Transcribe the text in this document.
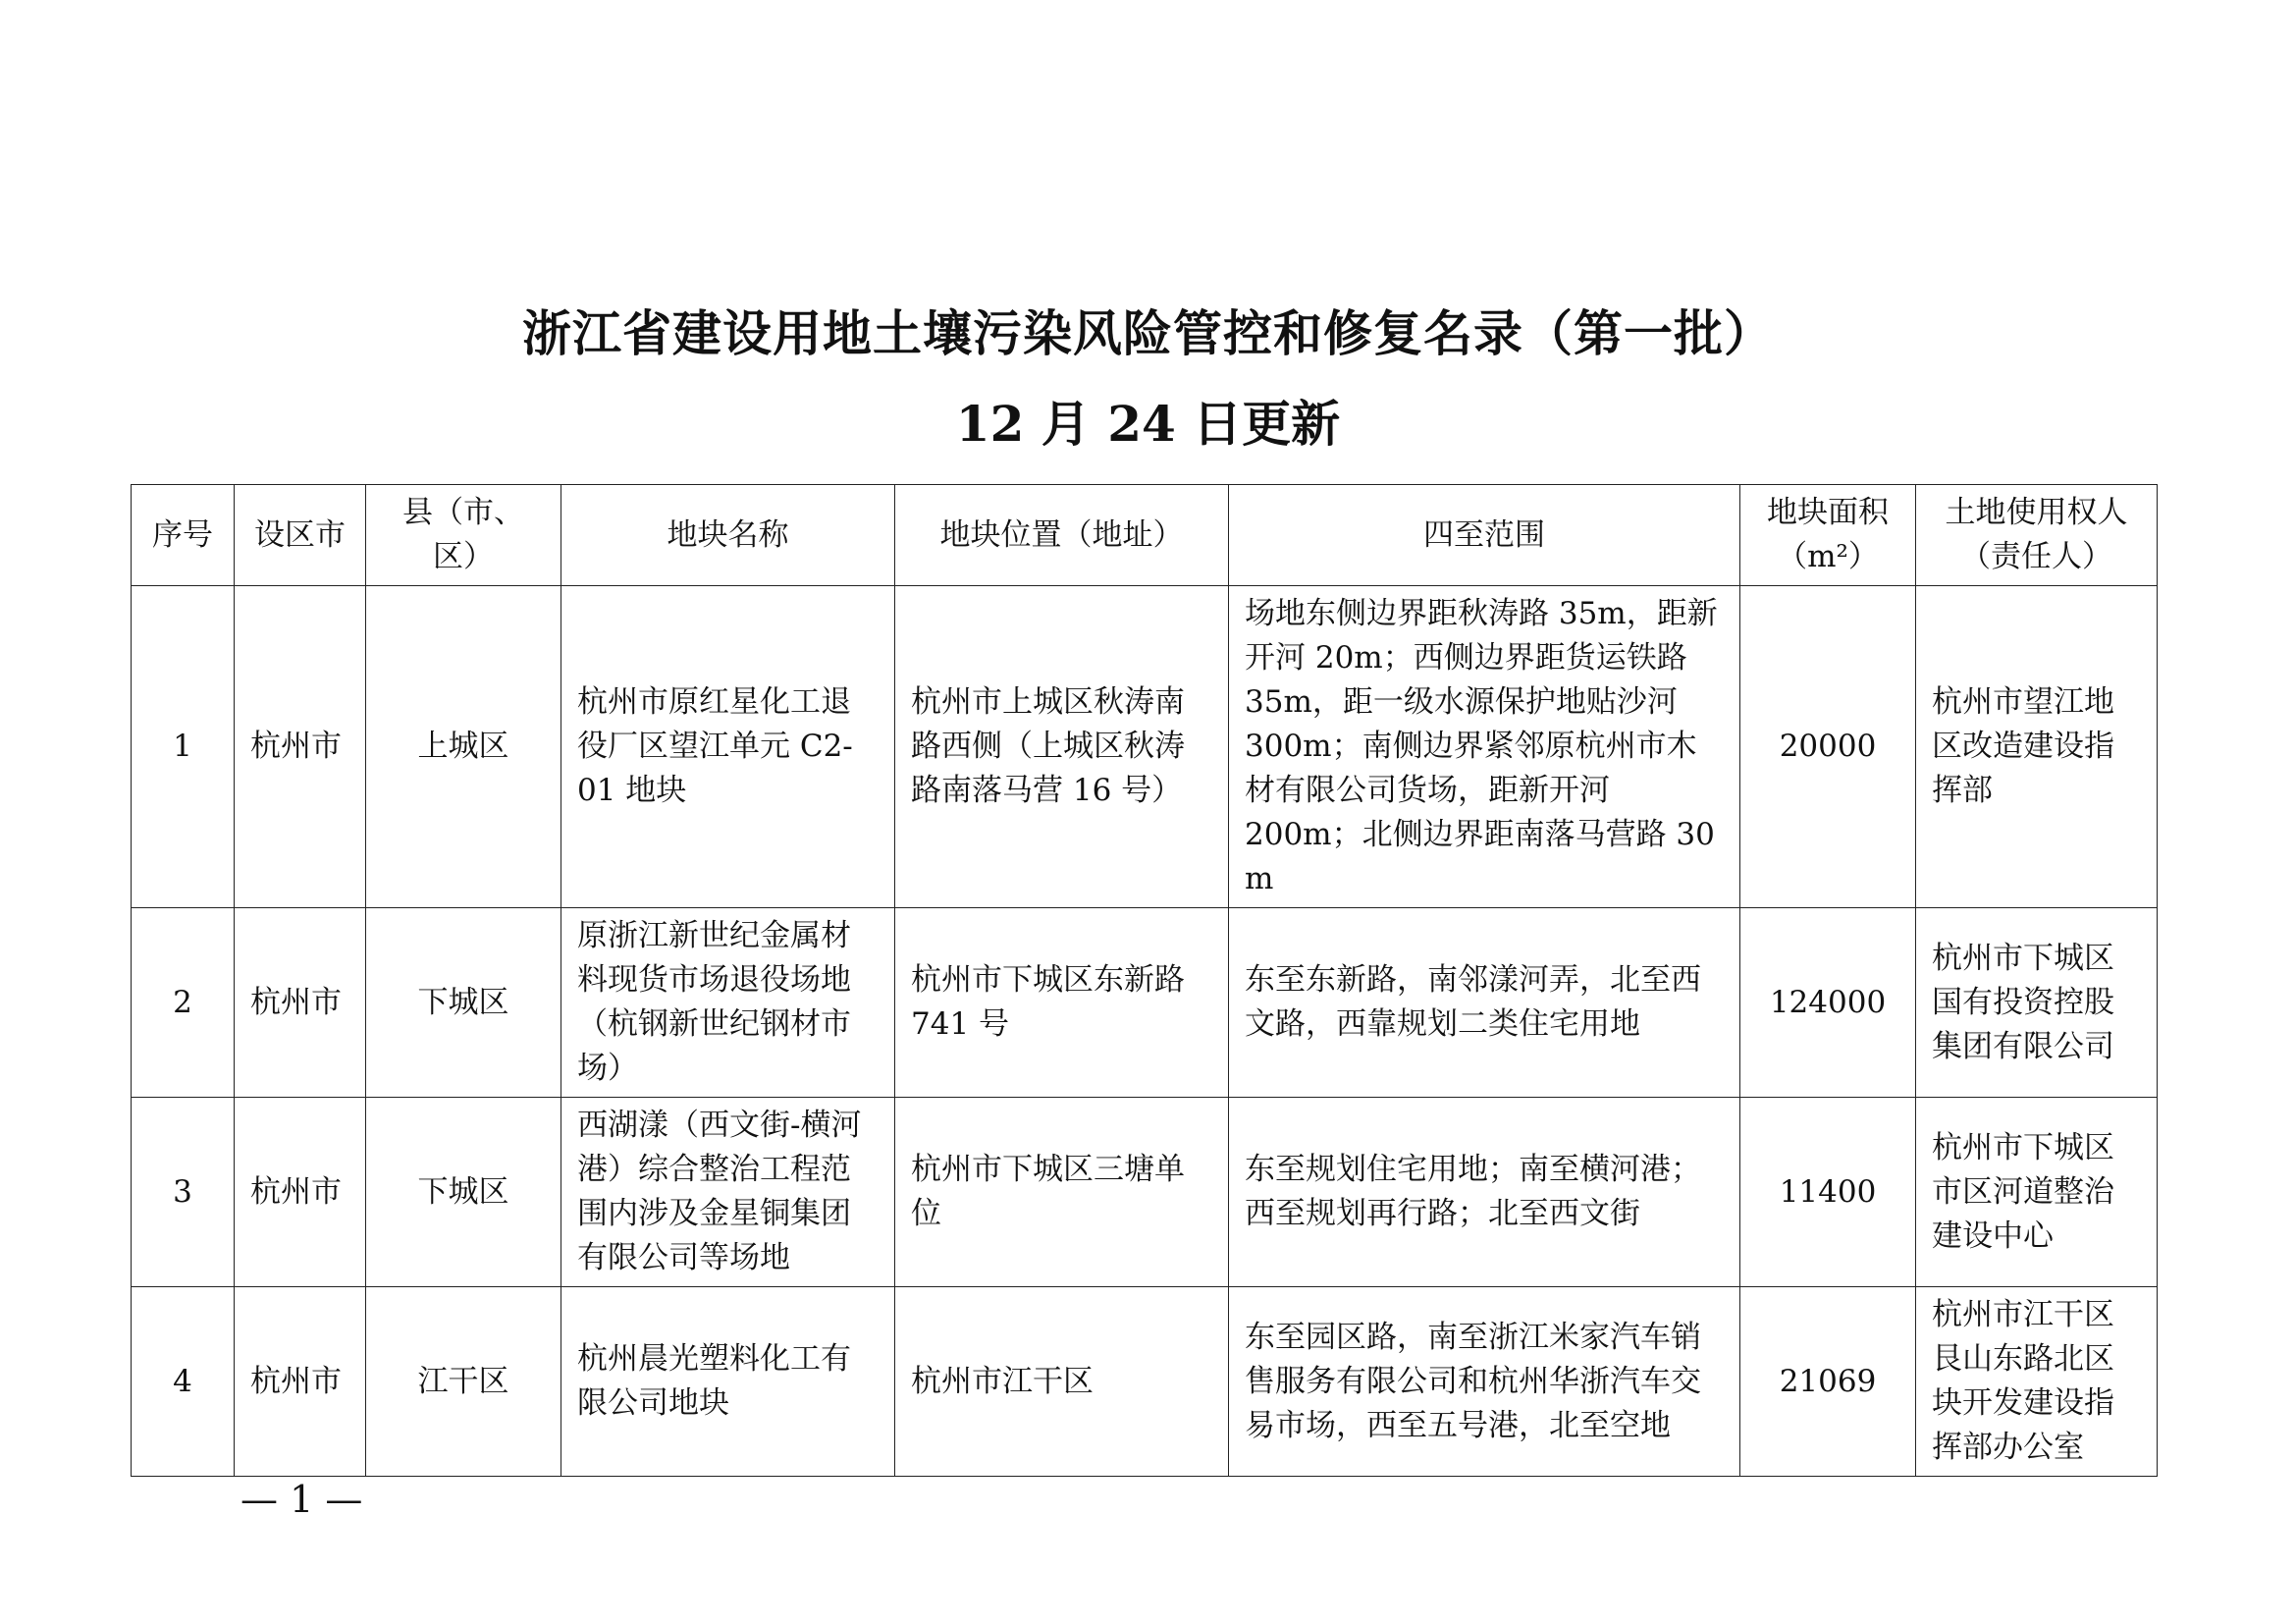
浙江省建设用地土壤污染风险管控和修复名录（第一批）
12 月 24 日更新
序号	设区市	县（市、区）	地块名称	地块位置（地址）	四至范围	地块面积（m²）	土地使用权人（责任人）
1	杭州市	上城区	杭州市原红星化工退役厂区望江单元 C2-01 地块	杭州市上城区秋涛南路西侧（上城区秋涛路南落马营 16 号）	场地东侧边界距秋涛路 35m，距新开河 20m；西侧边界距货运铁路 35m，距一级水源保护地贴沙河 300m；南侧边界紧邻原杭州市木材有限公司货场，距新开河 200m；北侧边界距南落马营路 30 m	20000	杭州市望江地区改造建设指挥部
2	杭州市	下城区	原浙江新世纪金属材料现货市场退役场地（杭钢新世纪钢材市场）	杭州市下城区东新路 741 号	东至东新路，南邻漾河弄，北至西文路，西靠规划二类住宅用地	124000	杭州市下城区国有投资控股集团有限公司
3	杭州市	下城区	西湖漾（西文街-横河港）综合整治工程范围内涉及金星铜集团有限公司等场地	杭州市下城区三塘单位	东至规划住宅用地；南至横河港；西至规划再行路；北至西文街	11400	杭州市下城区市区河道整治建设中心
4	杭州市	江干区	杭州晨光塑料化工有限公司地块	杭州市江干区	东至园区路，南至浙江米家汽车销售服务有限公司和杭州华浙汽车交易市场，西至五号港，北至空地	21069	杭州市江干区艮山东路北区块开发建设指挥部办公室
— 1 —
